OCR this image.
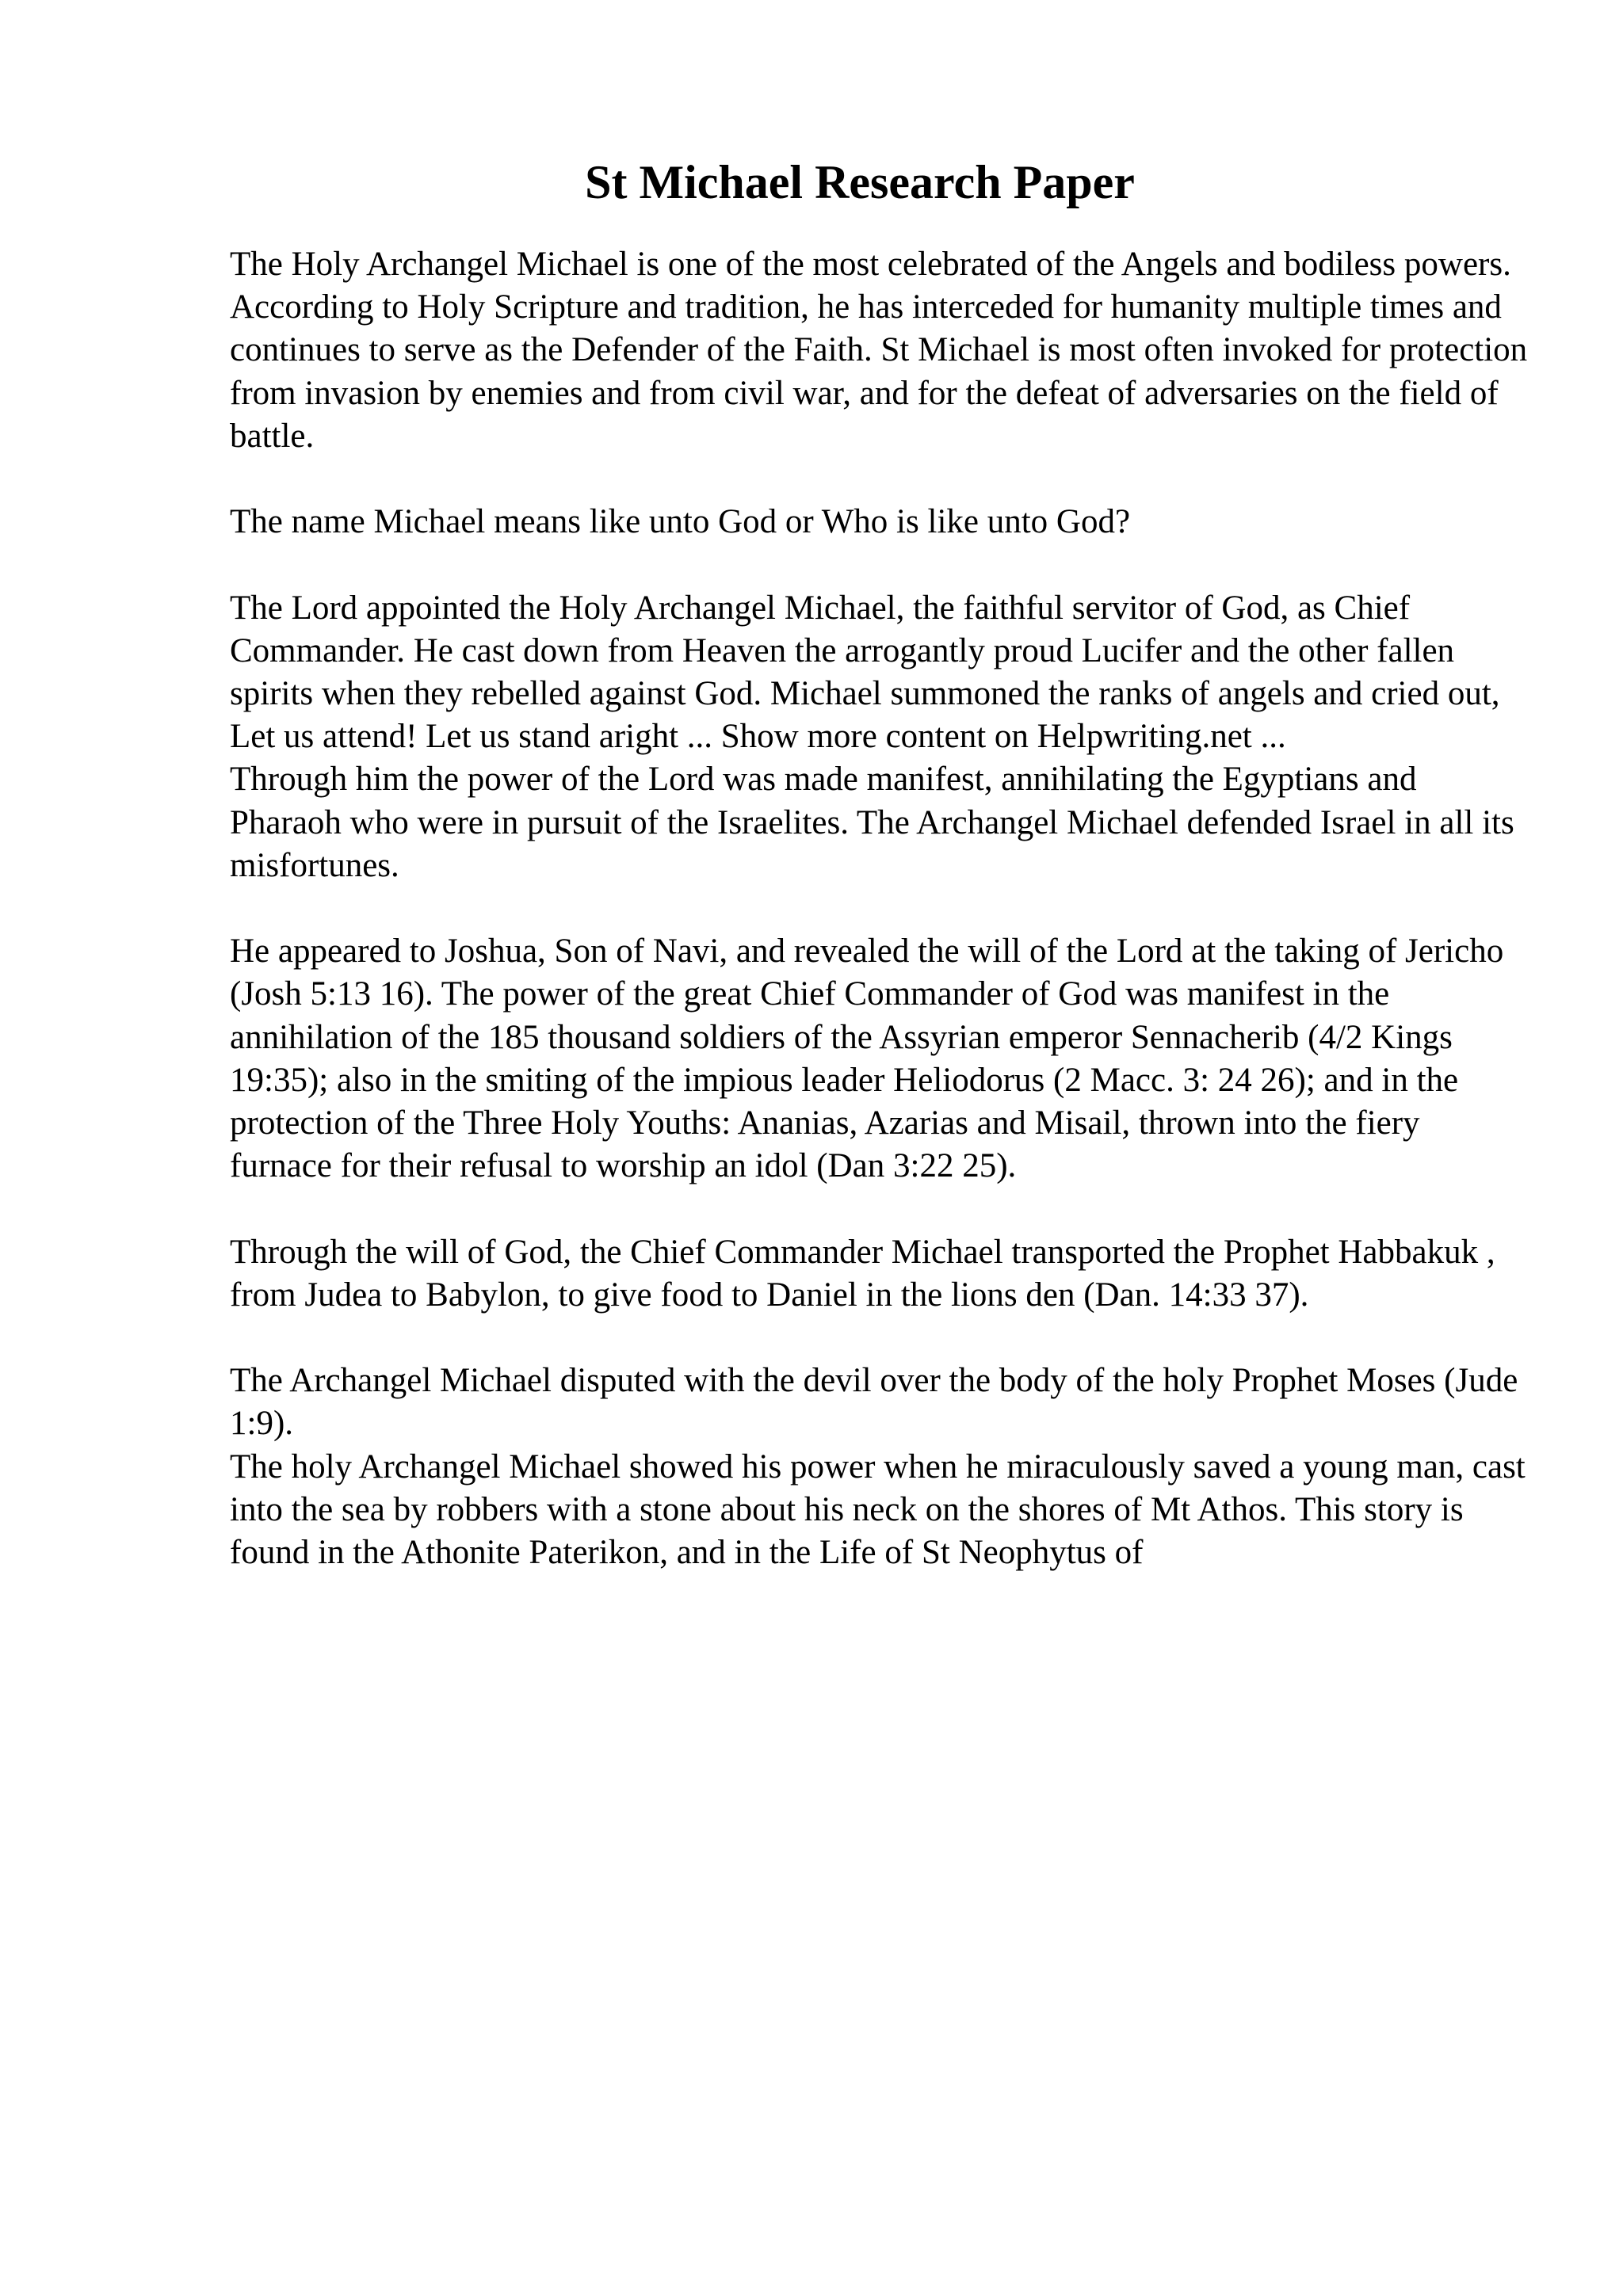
St Michael Research Paper

The Holy Archangel Michael is one of the most celebrated of the Angels and bodiless powers. According to Holy Scripture and tradition, he has interceded for humanity multiple times and continues to serve as the Defender of the Faith. St Michael is most often invoked for protection from invasion by enemies and from civil war, and for the defeat of adversaries on the field of battle.

The name Michael means like unto God or Who is like unto God?

The Lord appointed the Holy Archangel Michael, the faithful servitor of God, as Chief Commander. He cast down from Heaven the arrogantly proud Lucifer and the other fallen spirits when they rebelled against God. Michael summoned the ranks of angels and cried out, Let us attend! Let us stand aright ... Show more content on Helpwriting.net ...

Through him the power of the Lord was made manifest, annihilating the Egyptians and Pharaoh who were in pursuit of the Israelites. The Archangel Michael defended Israel in all its misfortunes.

He appeared to Joshua, Son of Navi, and revealed the will of the Lord at the taking of Jericho (Josh 5:13 16). The power of the great Chief Commander of God was manifest in the annihilation of the 185 thousand soldiers of the Assyrian emperor Sennacherib (4/2 Kings 19:35); also in the smiting of the impious leader Heliodorus (2 Macc. 3: 24 26); and in the protection of the Three Holy Youths: Ananias, Azarias and Misail, thrown into the fiery furnace for their refusal to worship an idol (Dan 3:22 25).

Through the will of God, the Chief Commander Michael transported the Prophet Habbakuk , from Judea to Babylon, to give food to Daniel in the lions den (Dan. 14:33 37).

The Archangel Michael disputed with the devil over the body of the holy Prophet Moses (Jude 1:9).

The holy Archangel Michael showed his power when he miraculously saved a young man, cast into the sea by robbers with a stone about his neck on the shores of Mt Athos. This story is found in the Athonite Paterikon, and in the Life of St Neophytus of
